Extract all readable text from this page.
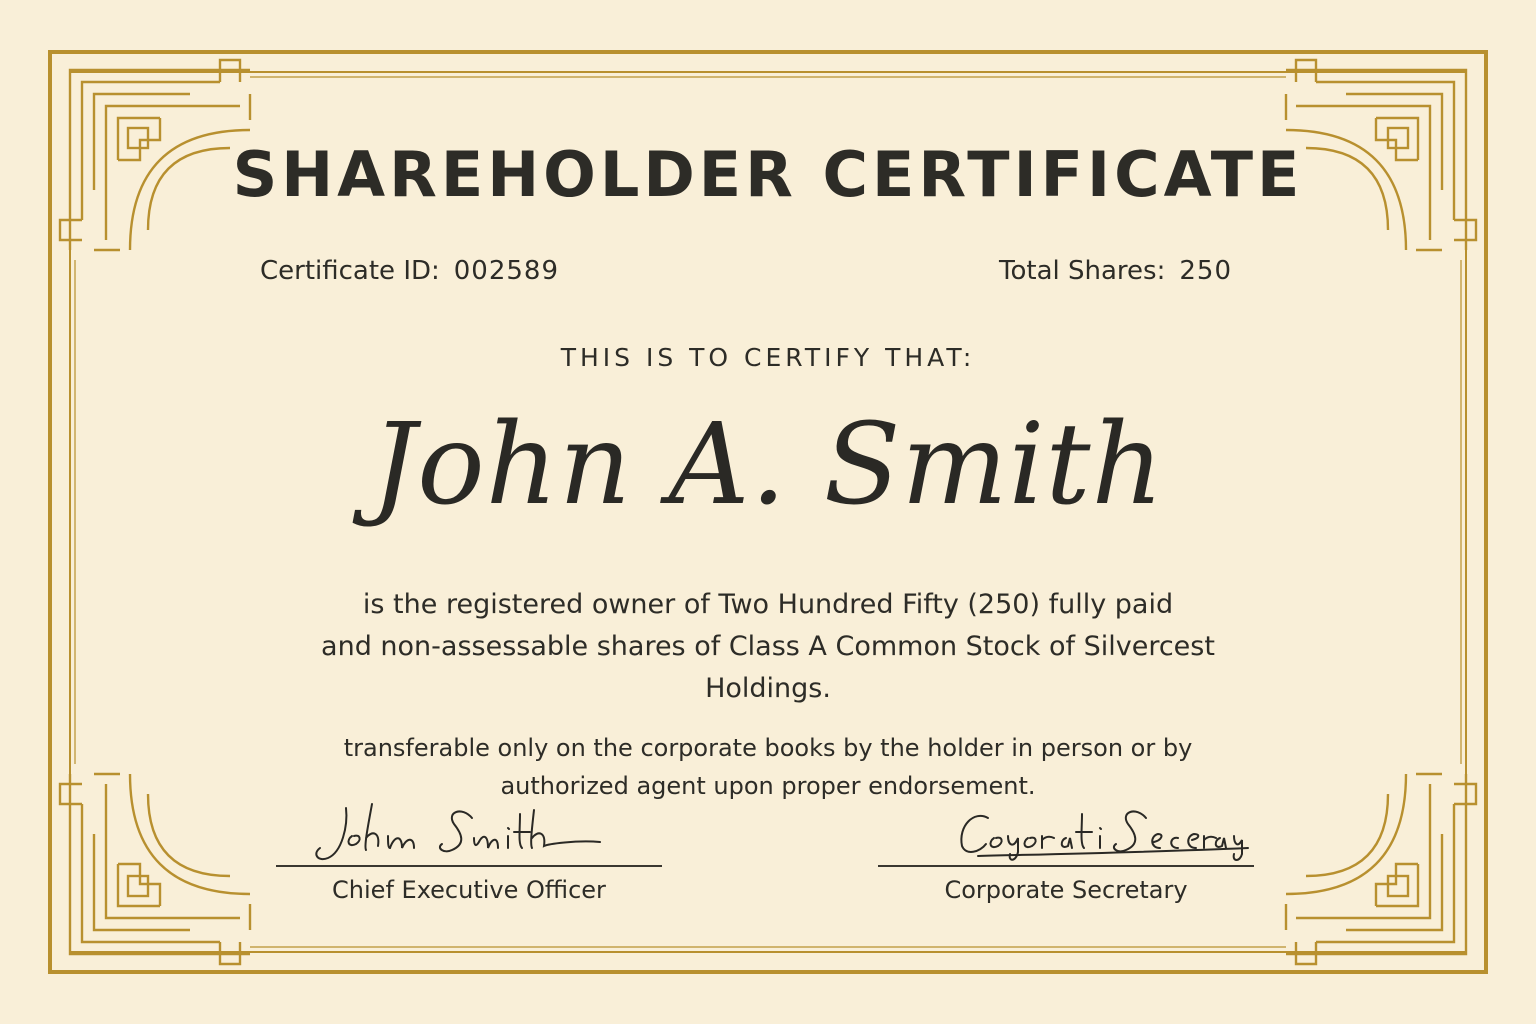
SHAREHOLDER CERTIFICATE
Certificate ID: 002589	Total Shares: 250
THIS IS TO CERTIFY THAT:
John A. Smith
is the registered owner of Two Hundred Fifty (250) fully paid
and non-assessable shares of Class A Common Stock of Silvercest
Holdings.
transferable only on the corporate books by the holder in person or by
authorized agent upon proper endorsement.
Chief Executive Officer	Corporate Secretary
